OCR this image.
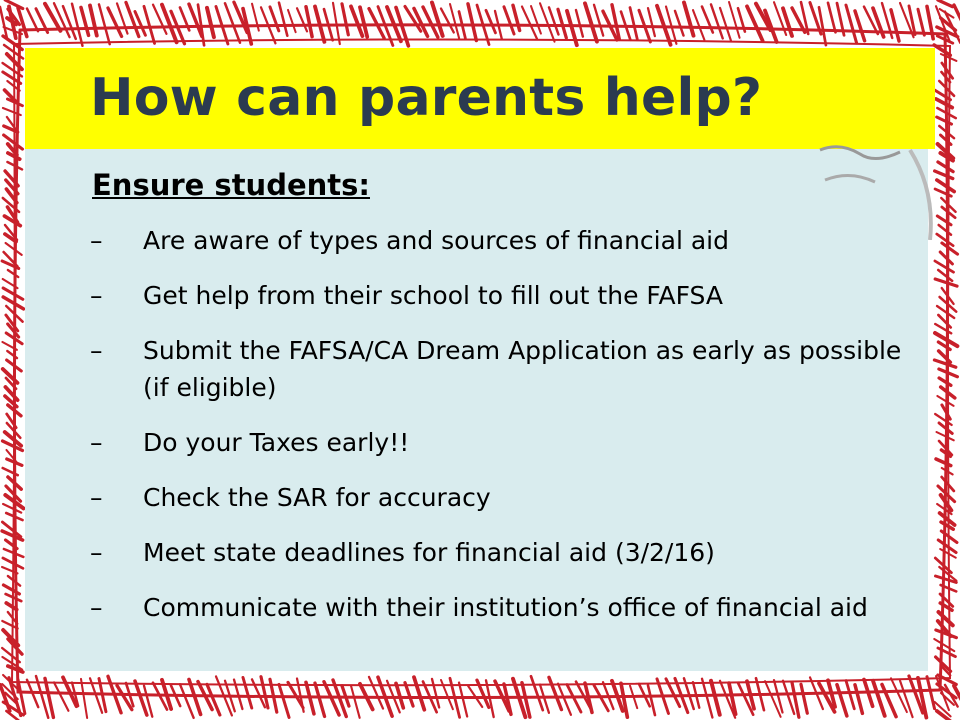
How can parents help?
Ensure students:
–	Are aware of types and sources of financial aid
–	Get help from their school to fill out the FAFSA
–	Submit the FAFSA/CA Dream Application as early as possible (if eligible)
–	Do your Taxes early!!
–	Check the SAR for accuracy
–	Meet state deadlines for financial aid (3/2/16)
–	Communicate with their institution’s office of financial aid
